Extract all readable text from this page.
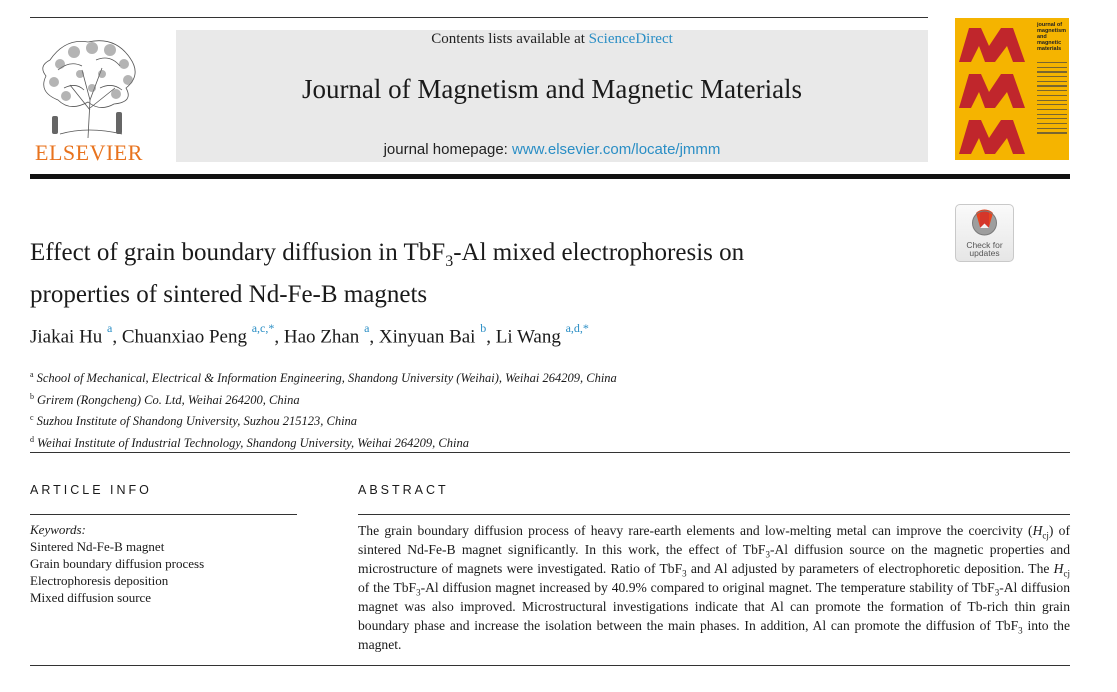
ELSEVIER
Contents lists available at ScienceDirect
Journal of Magnetism and Magnetic Materials
journal homepage: www.elsevier.com/locate/jmmm
journal of
magnetism
and
magnetic
materials
Check for
updates
Effect of grain boundary diffusion in TbF$_3$-Al mixed electrophoresis on
properties of sintered Nd-Fe-B magnets
Jiakai Hu $^a$, Chuanxiao Peng $^{a,c,*}$, Hao Zhan $^a$, Xinyuan Bai $^b$, Li Wang $^{a,d,*}$
$^a$ School of Mechanical, Electrical & Information Engineering, Shandong University (Weihai), Weihai 264209, China
$^b$ Grirem (Rongcheng) Co. Ltd, Weihai 264200, China
$^c$ Suzhou Institute of Shandong University, Suzhou 215123, China
$^d$ Weihai Institute of Industrial Technology, Shandong University, Weihai 264209, China
ARTICLE INFO
Keywords:
Sintered Nd-Fe-B magnet
Grain boundary diffusion process
Electrophoresis deposition
Mixed diffusion source
ABSTRACT
The grain boundary diffusion process of heavy rare-earth elements and low-melting metal can improve the coercivity $(H_{cj})$ of sintered Nd-Fe-B magnet significantly. In this work, the effect of TbF$_3$-Al diffusion source on the magnetic properties and microstructure of magnets were investigated. Ratio of TbF$_3$ and Al adjusted by parameters of electrophoretic deposition. The $H_{cj}$ of the TbF$_3$-Al diffusion magnet increased by 40.9% compared to original magnet. The temperature stability of TbF$_3$-Al diffusion magnet was also improved. Microstructural investigations indicate that Al can promote the formation of Tb-rich thin grain boundary phase and increase the isolation between the main phases. In addition, Al can promote the diffusion of TbF$_3$ into the magnet.
